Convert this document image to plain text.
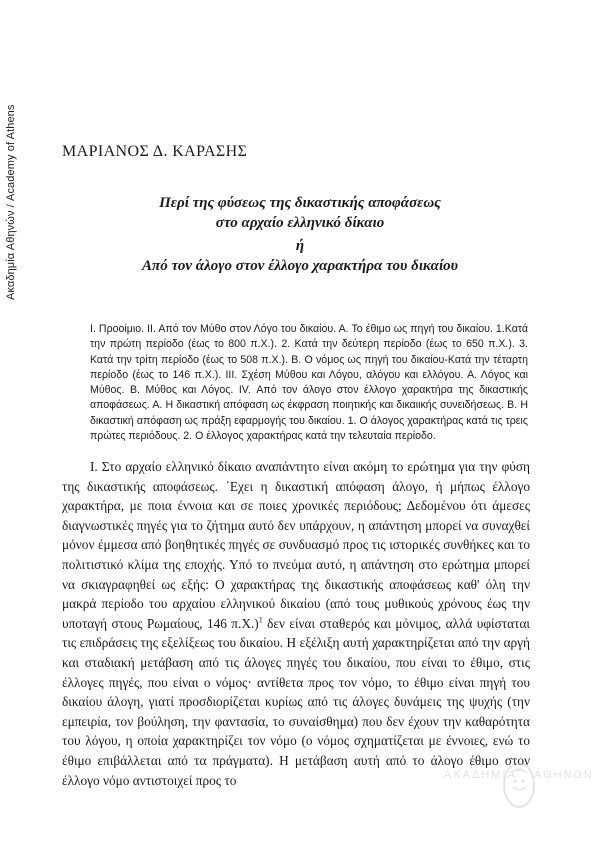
Ακαδημία Αθηνών / Academy of Athens	ΜΑΡΙΑΝΟΣ Δ. ΚΑΡΑΣΗΣ
Περί της φύσεως της δικαστικής αποφάσεως
στο αρχαίο ελληνικό δίκαιο
ή
Από τον άλογο στον έλλογο χαρακτήρα του δικαίου
Ι. Προοίμιο. ΙΙ. Από τον Μύθο στον Λόγο του δικαίου. Α. Το έθιμο ως πηγή του δικαίου. 1.Κατά την πρώτη περίοδο (έως το 800 π.Χ.). 2. Κατά την δεύτερη περίοδο (έως το 650 π.Χ.). 3. Κατά την τρίτη περίοδο (έως το 508 π.Χ.). Β. Ο νόμος ως πηγή του δικαίου-Κατά την τέταρτη περίοδο (έως το 146 π.Χ.). ΙΙΙ. Σχέση Μύθου και Λόγου, αλόγου και ελλόγου. Α. Λόγος και Μύθος. Β. Μύθος και Λόγος. ΙV. Από τον άλογο στον έλλογο χαρακτήρα της δικαστικής αποφάσεως. Α. Η δικαστική απόφαση ως έκφραση ποιητικής και δικαιικής συνειδήσεως. Β. Η δικαστική απόφαση ως πράξη εφαρμογής του δικαίου. 1. Ο άλογος χαρακτήρας κατά τις τρεις πρώτες περιόδους. 2. Ο έλλογος χαρακτήρας κατά την τελευταία περίοδο.
Ι. Στο αρχαίο ελληνικό δίκαιο αναπάντητο είναι ακόμη το ερώτημα για την φύση της δικαστικής αποφάσεως. ΄Εχει η δικαστική απόφαση άλογο, ή μήπως έλλογο χαρακτήρα, με ποια έννοια και σε ποιες χρονικές περιόδους; Δεδομένου ότι άμεσες διαγνωστικές πηγές για το ζήτημα αυτό δεν υπάρχουν, η απάντηση μπορεί να συναχθεί μόνον έμμεσα από βοηθητικές πηγές σε συνδυασμό προς τις ιστορικές συνθήκες και το πολιτιστικό κλίμα της εποχής. Υπό το πνεύμα αυτό, η απάντηση στο ερώτημα μπορεί να σκιαγραφηθεί ως εξής: Ο χαρακτήρας της δικαστικής αποφάσεως καθ' όλη την μακρά περίοδο του αρχαίου ελληνικού δικαίου (από τους μυθικούς χρόνους έως την υποταγή στους Ρωμαίους, 146 π.Χ.)$^1$ δεν είναι σταθερός και μόνιμος, αλλά υφίσταται τις επιδράσεις της εξελίξεως του δικαίου. Η εξέλιξη αυτή χαρακτηρίζεται από την αργή και σταδιακή μετάβαση από τις άλογες πηγές του δικαίου, που είναι το έθιμο, στις έλλογες πηγές, που είναι ο νόμος· αντίθετα προς τον νόμο, το έθιμο είναι πηγή του δικαίου άλογη, γιατί προσδιορίζεται κυρίως από τις άλογες δυνάμεις της ψυχής (την εμπειρία, τον βούληση, την φαντασία, το συναίσθημα) που δεν έχουν την καθαρότητα του λόγου, η οποία χαρακτηρίζει τον νόμο (ο νόμος σχηματίζεται με έννοιες, ενώ το έθιμο επιβάλλεται από τα πράγματα). Η μετάβαση αυτή από το άλογο έθιμο στον έλλογο νόμο αντιστοιχεί προς το	ΑΚΑΔΗΜΙΑ ΑΘΗΝΩΝ
